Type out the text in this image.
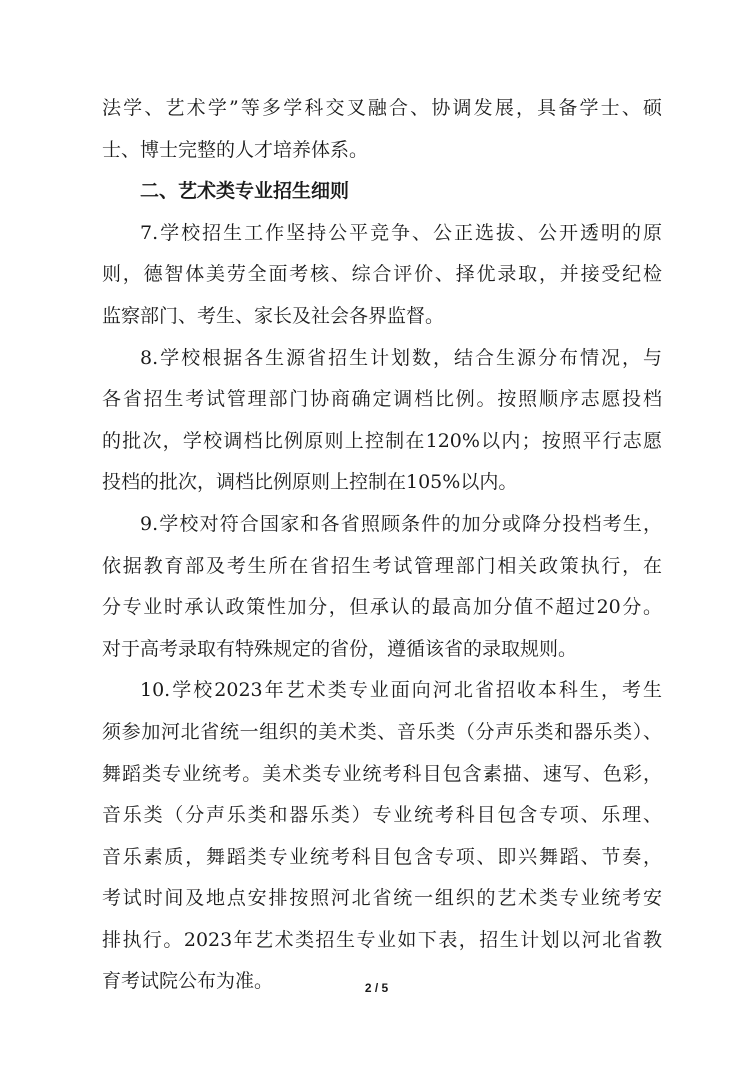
法学、艺术学”等多学科交叉融合、协调发展，具备学士、硕
士、博士完整的人才培养体系。
二、艺术类专业招生细则
7.学校招生工作坚持公平竞争、公正选拔、公开透明的原
则，德智体美劳全面考核、综合评价、择优录取，并接受纪检
监察部门、考生、家长及社会各界监督。
8.学校根据各生源省招生计划数，结合生源分布情况，与
各省招生考试管理部门协商确定调档比例。按照顺序志愿投档
的批次，学校调档比例原则上控制在120%以内；按照平行志愿
投档的批次，调档比例原则上控制在105%以内。
9.学校对符合国家和各省照顾条件的加分或降分投档考生，
依据教育部及考生所在省招生考试管理部门相关政策执行，在
分专业时承认政策性加分，但承认的最高加分值不超过20分。
对于高考录取有特殊规定的省份，遵循该省的录取规则。
10.学校2023年艺术类专业面向河北省招收本科生，考生
须参加河北省统一组织的美术类、音乐类（分声乐类和器乐类）、
舞蹈类专业统考。美术类专业统考科目包含素描、速写、色彩，
音乐类（分声乐类和器乐类）专业统考科目包含专项、乐理、
音乐素质，舞蹈类专业统考科目包含专项、即兴舞蹈、节奏，
考试时间及地点安排按照河北省统一组织的艺术类专业统考安
排执行。2023年艺术类招生专业如下表，招生计划以河北省教
育考试院公布为准。	2 / 5
